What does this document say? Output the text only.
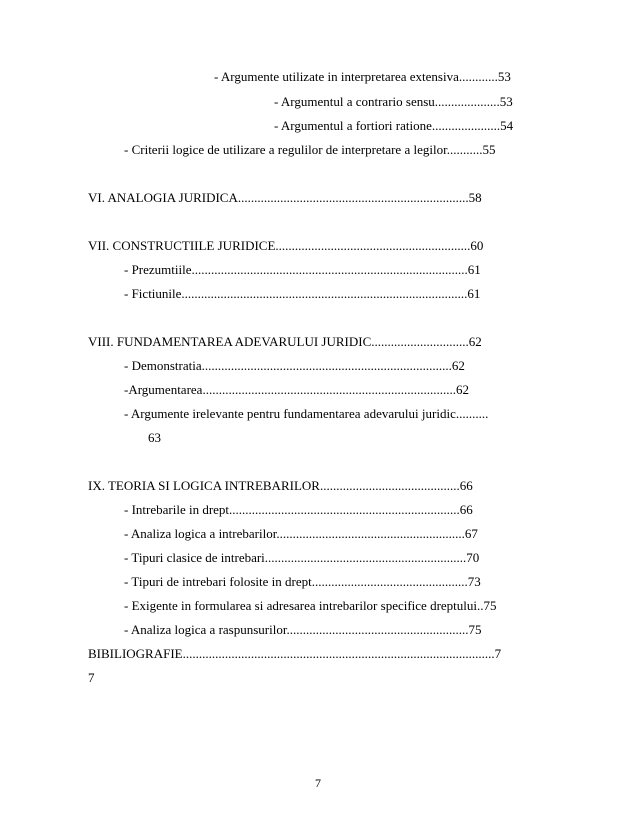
- Argumente utilizate in interpretarea extensiva............53
- Argumentul a contrario sensu....................53
- Argumentul a fortiori ratione.....................54
- Criterii logice de utilizare a regulilor de interpretare a legilor...........55
VI. ANALOGIA JURIDICA.......................................................................58
VII. CONSTRUCTIILE JURIDICE............................................................60
- Prezumtiile.....................................................................................61
- Fictiunile........................................................................................61
VIII. FUNDAMENTAREA ADEVARULUI JURIDIC..............................62
- Demonstratia.............................................................................62
-Argumentarea..............................................................................62
- Argumente irelevante pentru fundamentarea adevarului juridic..........
63
IX. TEORIA SI LOGICA INTREBARILOR...........................................66
- Intrebarile in drept.......................................................................66
- Analiza logica a intrebarilor..........................................................67
- Tipuri clasice de intrebari..............................................................70
- Tipuri de intrebari folosite in drept................................................73
- Exigente in formularea si adresarea intrebarilor specifice dreptului..75
- Analiza logica a raspunsurilor........................................................75
BIBILIOGRAFIE................................................................................................7
7
7
